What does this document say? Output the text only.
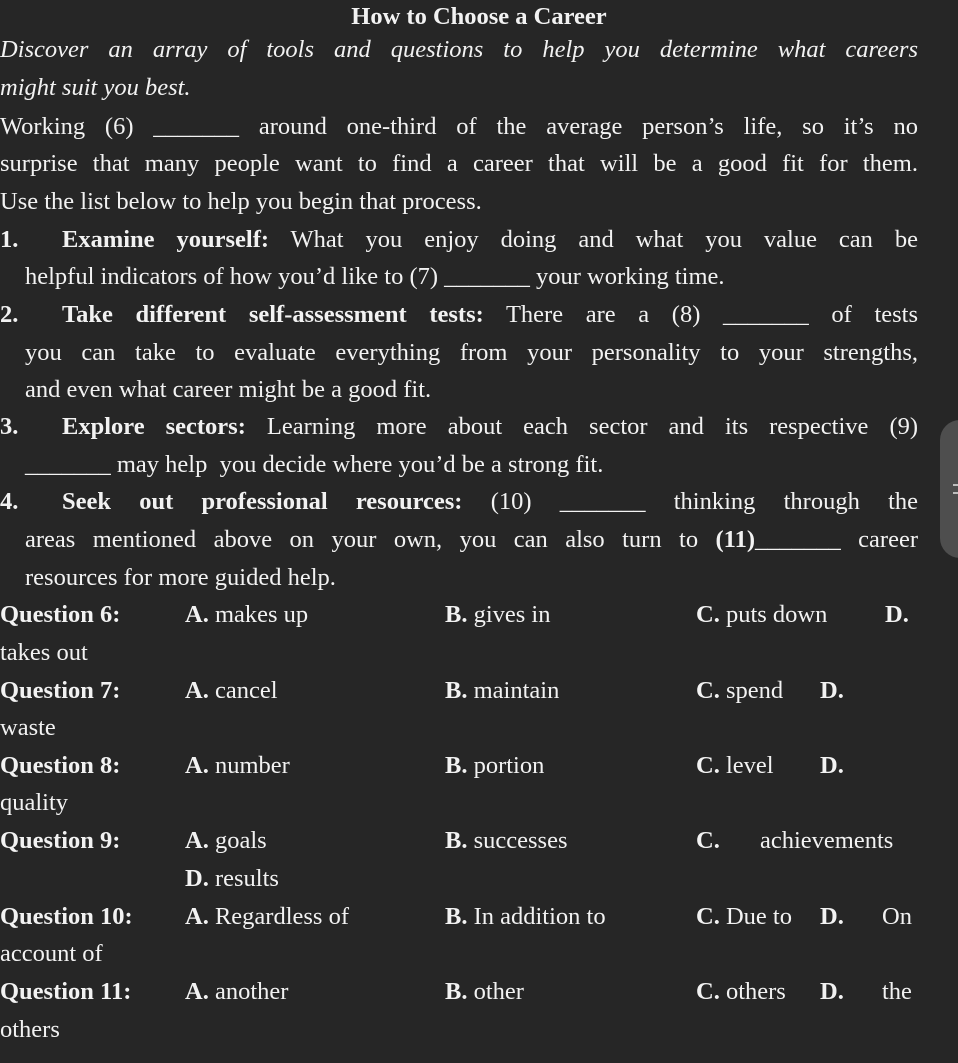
How to Choose a Career
Discover an array of tools and questions to help you determine what careers
might suit you best.
Working (6) _______ around one-third of the average person’s life, so it’s no
surprise that many people want to find a career that will be a good fit for them.
Use the list below to help you begin that process.
1. Examine yourself: What you enjoy doing and what you value can be
helpful indicators of how you’d like to (7) _______ your working time.
2. Take different self-assessment tests: There are a (8) _______ of tests
you can take to evaluate everything from your personality to your strengths,
and even what career might be a good fit.
3. Explore sectors: Learning more about each sector and its respective (9)
_______ may help  you decide where you’d be a strong fit.
4. Seek out professional resources: (10) _______ thinking through the
areas mentioned above on your own, you can also turn to (11)_______ career
resources for more guided help.
Question 6:	A. makes up	B. gives in	C. puts down D.
takes out
Question 7:	A. cancel	B. maintain	C. spend D.
waste
Question 8:	A. number	B. portion	C. level D.
quality
Question 9:	A. goals	B. successes	C. achievements
D. results
Question 10: A. Regardless of	B. In addition to	C. Due to D. On
account of
Question 11: A. another	B. other	C. others D. the
others
